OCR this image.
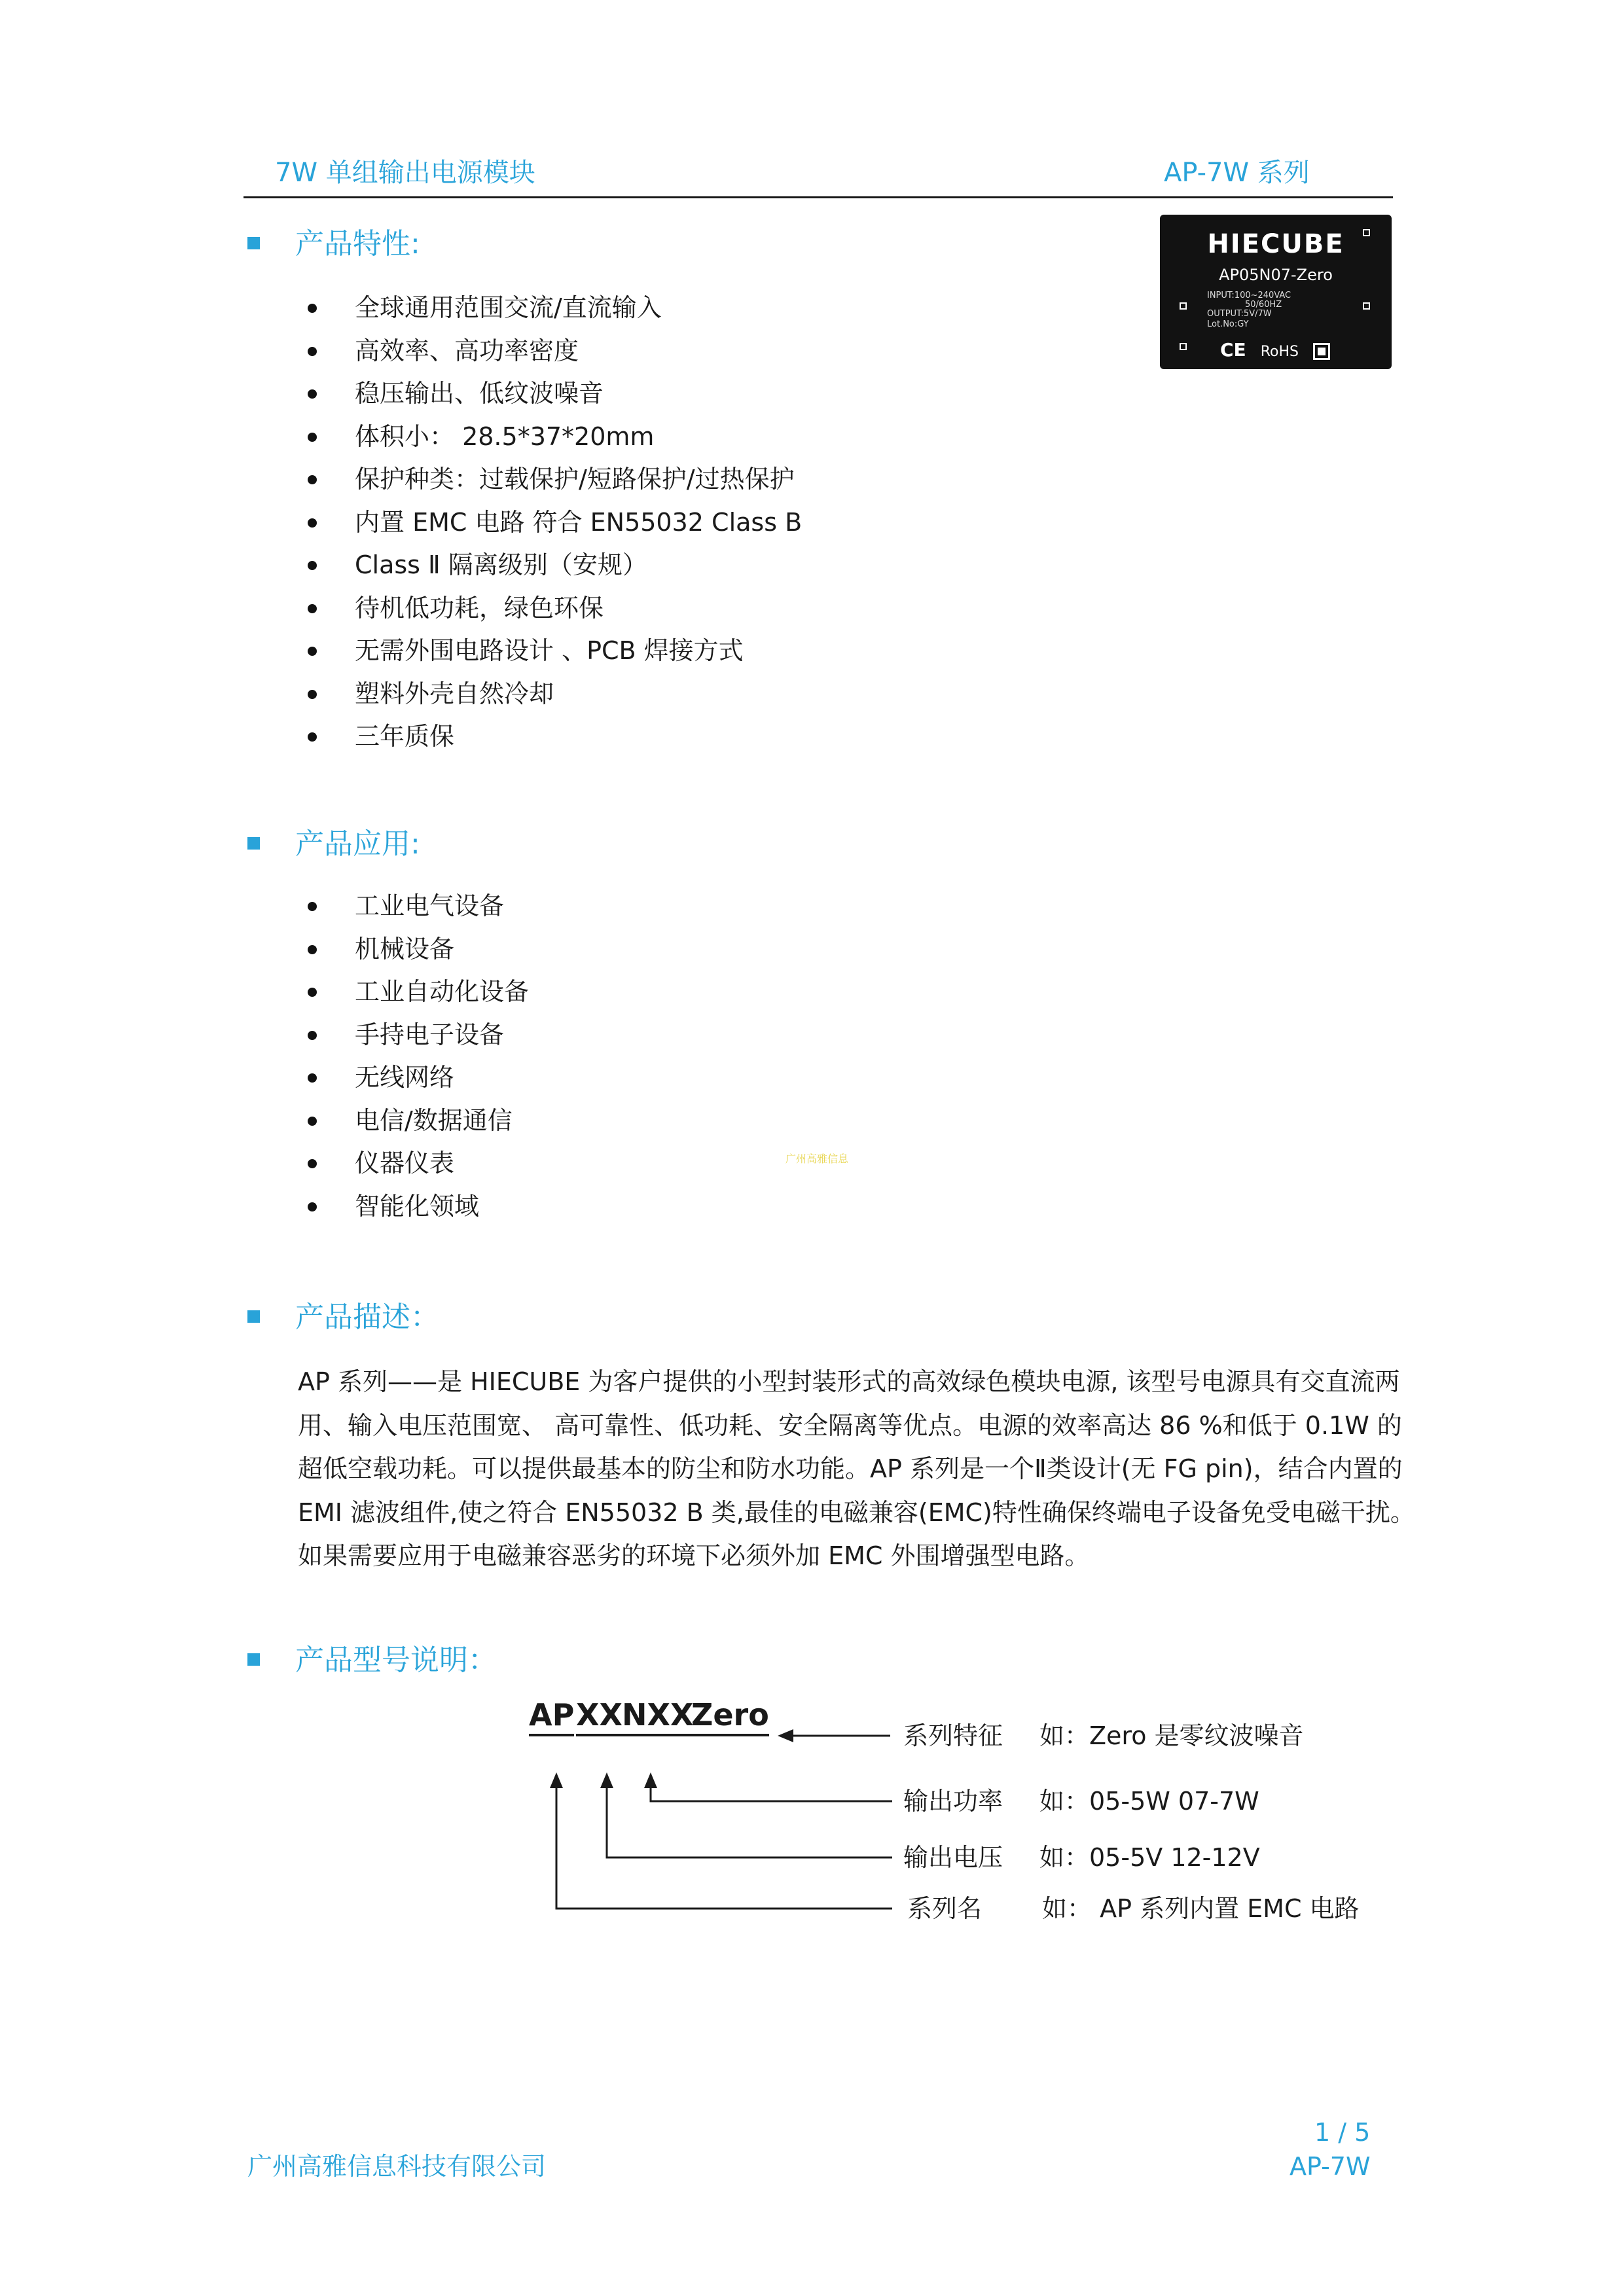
7W 单组输出电源模块	AP-7W 系列
HIECUBE
AP05N07-Zero
INPUT:100~240VAC
50/60HZ
OUTPUT:5V/7W
Lot.No:GY
CE RoHS
产品特性:
全球通用范围交流/直流输入
高效率、高功率密度
稳压输出、低纹波噪音
体积小： 28.5*37*20mm
保护种类：过载保护/短路保护/过热保护
内置 EMC 电路 符合 EN55032 Class B
Class Ⅱ 隔离级别（安规）
待机低功耗，绿色环保
无需外围电路设计 、PCB 焊接方式
塑料外壳自然冷却
三年质保
产品应用:
工业电气设备
机械设备
工业自动化设备
手持电子设备
无线网络
电信/数据通信
仪器仪表
智能化领域
广州高雅信息
产品描述：

AP 系列——是 HIECUBE 为客户提供的小型封装形式的高效绿色模块电源, 该型号电源具有交直流两

用、输入电压范围宽、 高可靠性、低功耗、安全隔离等优点。电源的效率高达 86 %和低于 0.1W 的

超低空载功耗。可以提供最基本的防尘和防水功能。AP 系列是一个Ⅱ类设计(无 FG pin)，结合内置的

EMI 滤波组件,使之符合 EN55032 B 类,最佳的电磁兼容(EMC)特性确保终端电子设备免受电磁干扰。

如果需要应用于电磁兼容恶劣的环境下必须外加 EMC 外围增强型电路。

产品型号说明：
AP XX NXX
Zero
系列特征 如：Zero 是零纹波噪音
输出功率 如：05-5W 07-7W
输出电压 如：05-5V 12-12V
系列名 如： AP 系列内置 EMC 电路
1 / 5
广州高雅信息科技有限公司	AP-7W
